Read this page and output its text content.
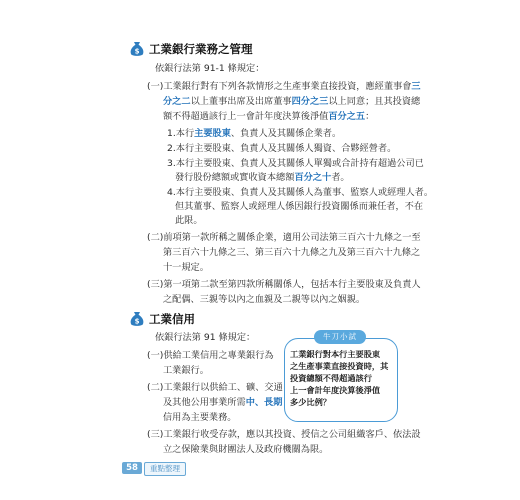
$ 工業銀行業務之管理
依銀行法第 91-1 條規定：
(一)工業銀行對有下列各款情形之生產事業直接投資，應經董事會三
分之二以上董事出席及出席董事四分之三以上同意；且其投資總
額不得超過該行上一會計年度決算後淨值百分之五：
1.本行主要股東、負責人及其關係企業者。
2.本行主要股東、負責人及其關係人獨資、合夥經營者。
3.本行主要股東、負責人及其關係人單獨或合計持有超過公司已
發行股份總額或實收資本總額百分之十者。
4.本行主要股東、負責人及其關係人為董事、監察人或經理人者。
但其董事、監察人或經理人係因銀行投資關係而兼任者，不在
此限。
(二)前項第一款所稱之關係企業，適用公司法第三百六十九條之一至
第三百六十九條之三、第三百六十九條之九及第三百六十九條之
十一規定。
(三)第一項第二款至第四款所稱關係人，包括本行主要股東及負責人
之配偶、三親等以內之血親及二親等以內之姻親。
$ 工業信用
依銀行法第 91 條規定：
(一)供給工業信用之專業銀行為
工業銀行。
(二)工業銀行以供給工、礦、交通
及其他公用事業所需中、長期
信用為主要業務。
(三)工業銀行收受存款，應以其投資、授信之公司組織客戶、依法設
立之保險業與財團法人及政府機關為限。
牛刀小試
工業銀行對本行主要股東
之生產事業直接投資時，其
投資總額不得超過該行
上一會計年度決算後淨值
多少比例？
58	重點整理
